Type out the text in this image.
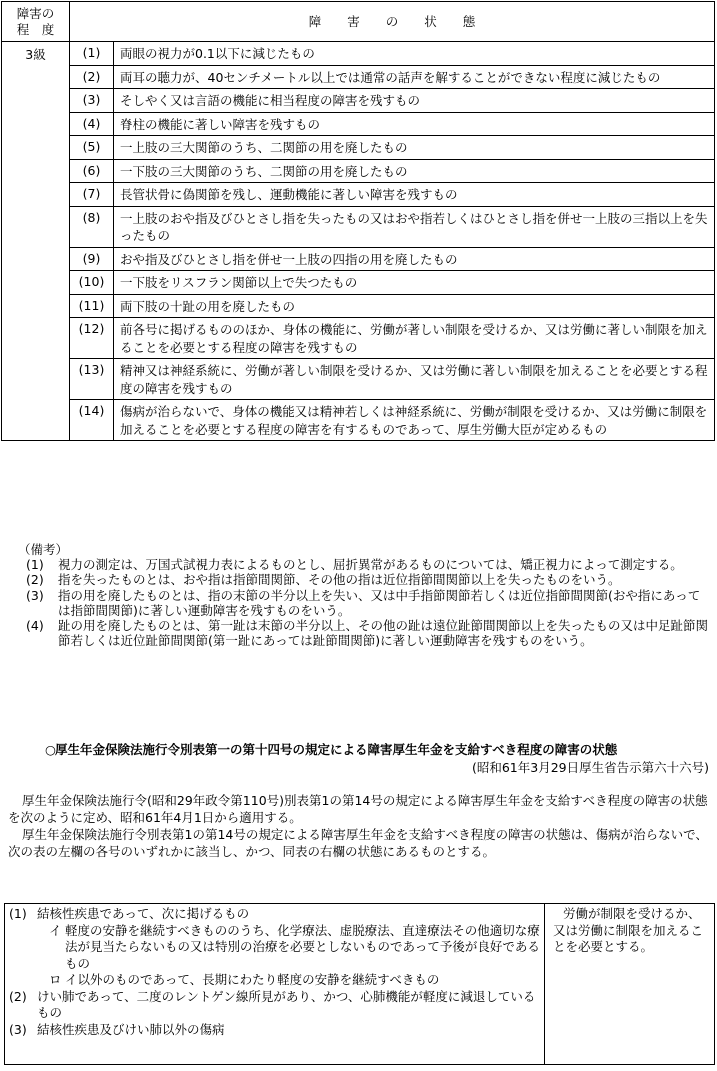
障害の
程　度	障害の状態	
3級	(1)	両眼の視力が0.1以下に減じたもの
	(2)	両耳の聴力が、40センチメートル以上では通常の話声を解することができない程度に減じたもの
	(3)	そしやく又は言語の機能に相当程度の障害を残すもの
	(4)	脊柱の機能に著しい障害を残すもの
	(5)	一上肢の三大関節のうち、二関節の用を廃したもの
	(6)	一下肢の三大関節のうち、二関節の用を廃したもの
	(7)	長管状骨に偽関節を残し、運動機能に著しい障害を残すもの
	(8)	一上肢のおや指及びひとさし指を失ったもの又はおや指若しくはひとさし指を併せ一上肢の三指以上を失ったもの
	(9)	おや指及びひとさし指を併せ一上肢の四指の用を廃したもの
	(10)	一下肢をリスフラン関節以上で失つたもの
	(11)	両下肢の十趾の用を廃したもの
	(12)	前各号に掲げるもののほか、身体の機能に、労働が著しい制限を受けるか、又は労働に著しい制限を加えることを必要とする程度の障害を残すもの
	(13)	精神又は神経系統に、労働が著しい制限を受けるか、又は労働に著しい制限を加えることを必要とする程度の障害を残すもの
	(14)	傷病が治らないで、身体の機能又は精神若しくは神経系統に、労働が制限を受けるか、又は労働に制限を加えることを必要とする程度の障害を有するものであって、厚生労働大臣が定めるもの
（備考）
(1) 視力の測定は、万国式試視力表によるものとし、屈折異常があるものについては、矯正視力によって測定する。
(2) 指を失ったものとは、おや指は指節間関節、その他の指は近位指節間関節以上を失ったものをいう。
(3) 指の用を廃したものとは、指の末節の半分以上を失い、又は中手指節関節若しくは近位指節間関節(おや指にあっては指節間関節)に著しい運動障害を残すものをいう。
(4) 趾の用を廃したものとは、第一趾は末節の半分以上、その他の趾は遠位趾節間関節以上を失ったもの又は中足趾節関節若しくは近位趾節間関節(第一趾にあっては趾節間関節)に著しい運動障害を残すものをいう。
○ 厚生年金保険法施行令別表第一の第十四号の規定による障害厚生年金を支給すべき程度の障害の状態
(昭和61年3月29日厚生省告示第六十六号)
厚生年金保険法施行令(昭和29年政令第110号)別表第1の第14号の規定による障害厚生年金を支給すべき程度の障害の状態を次のように定め、昭和61年4月1日から適用する。
厚生年金保険法施行令別表第1の第14号の規定による障害厚生年金を支給すべき程度の障害の状態は、傷病が治らないで、次の表の左欄の各号のいずれかに該当し、かつ、同表の右欄の状態にあるものとする。
(1) 結核性疾患であって、次に掲げるもの
イ 軽度の安静を継続すべきもののうち、化学療法、虚脱療法、直達療法その他適切な療法が見当たらないもの又は特別の治療を必要としないものであって予後が良好であるもの
ロ イ以外のものであって、長期にわたり軽度の安静を継続すべきもの
(2) けい肺であって、二度のレントゲン線所見があり、かつ、心肺機能が軽度に減退しているもの
(3) 結核性疾患及びけい肺以外の傷病
	労働が制限を受けるか、又は労働に制限を加えることを必要とする。
